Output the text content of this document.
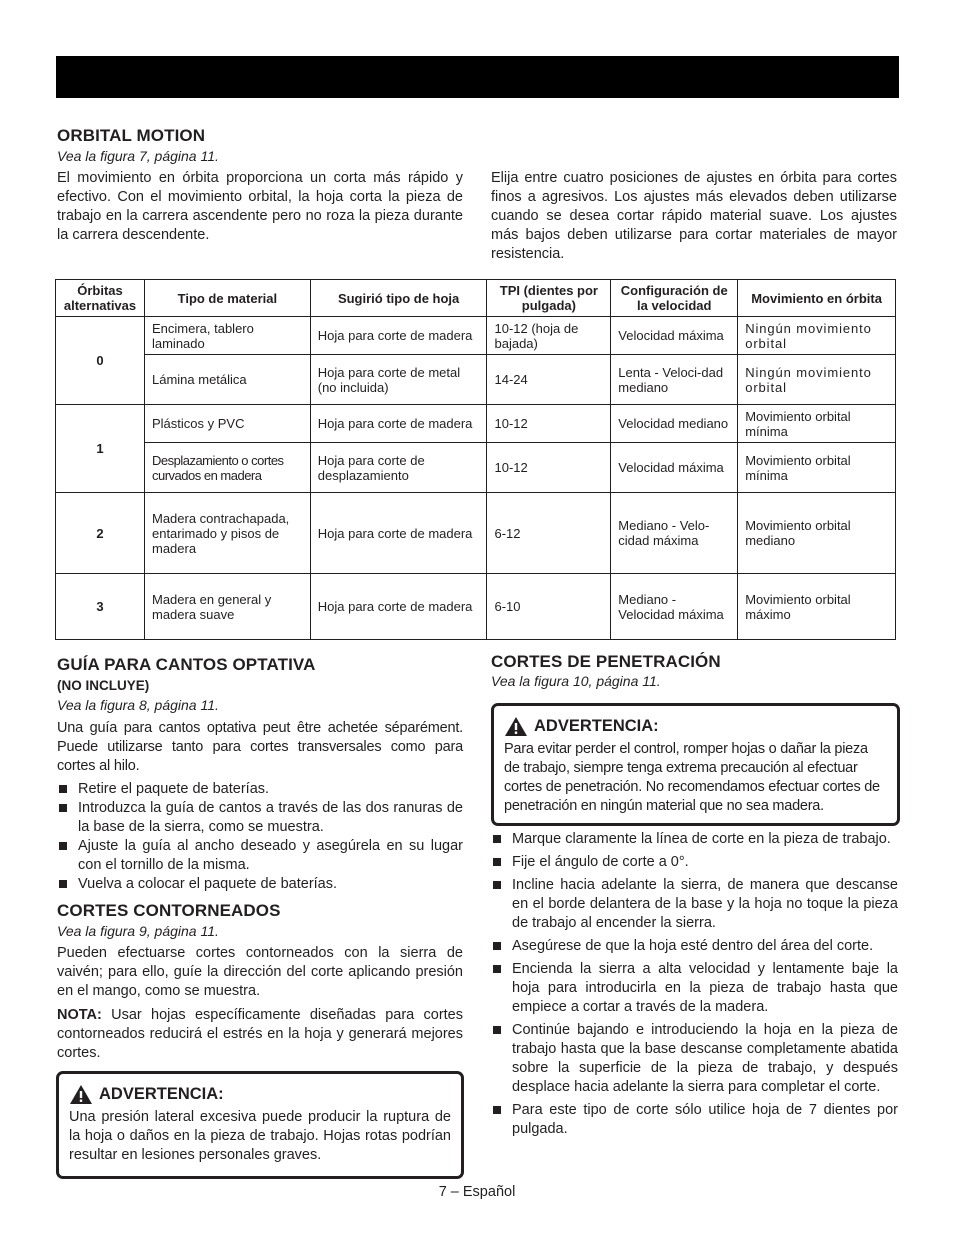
ORBITAL MOTION
Vea la figura 7, página 11.
El movimiento en órbita proporciona un corta más rápido y efectivo. Con el movimiento orbital, la hoja corta la pieza de trabajo en la carrera ascendente pero no roza la pieza durante la carrera descendente.
Elija entre cuatro posiciones de ajustes en órbita para cortes finos a agresivos. Los ajustes más elevados deben utilizarse cuando se desea cortar rápido material suave. Los ajustes más bajos deben utilizarse para cortar materiales de mayor resistencia.
Órbitas alternativas	Tipo de material	Sugirió tipo de hoja	TPI (dientes por pulgada)	Configuración de la velocidad	Movimiento en órbita
0	Encimera, tablero laminado	Hoja para corte de madera	10-12 (hoja de bajada)	Velocidad máxima	Ningún movimiento orbital
	Lámina metálica	Hoja para corte de metal (no incluida)	14-24	Lenta - Veloci-dad mediano	Ningún movimiento orbital
1	Plásticos y PVC	Hoja para corte de madera	10-12	Velocidad mediano	Movimiento orbital mínima
	Desplazamiento o cortes curvados en madera	Hoja para corte de desplazamiento	10-12	Velocidad máxima	Movimiento orbital mínima
2	Madera contrachapada, entarimado y pisos de madera	Hoja para corte de madera	6-12	Mediano - Velo-cidad máxima	Movimiento orbital mediano
3	Madera en general y madera suave	Hoja para corte de madera	6-10	Mediano - Velocidad máxima	Movimiento orbital máximo
GUÍA PARA CANTOS OPTATIVA
(NO INCLUYE)
Vea la figura 8, página 11.
Una guía para cantos optativa peut être achetée séparément. Puede utilizarse tanto para cortes transversales como para cortes al hilo.
Retire el paquete de baterías.
Introduzca la guía de cantos a través de las dos ranuras de la base de la sierra, como se muestra.
Ajuste la guía al ancho deseado y asegúrela en su lugar con el tornillo de la misma.
Vuelva a colocar el paquete de baterías.
CORTES CONTORNEADOS
Vea la figura 9, página 11.
Pueden efectuarse cortes contorneados con la sierra de vaivén; para ello, guíe la dirección del corte aplicando presión en el mango, como se muestra.
NOTA: Usar hojas específicamente diseñadas para cortes contorneados reducirá el estrés en la hoja y generará mejores cortes.
ADVERTENCIA:
Una presión lateral excesiva puede producir la ruptura de la hoja o daños en la pieza de trabajo. Hojas rotas podrían resultar en lesiones personales graves.
CORTES DE PENETRACIÓN
Vea la figura 10, página 11.
ADVERTENCIA:
Para evitar perder el control, romper hojas o dañar la pieza de trabajo, siempre tenga extrema precaución al efectuar cortes de penetración. No recomendamos efectuar cortes de penetración en ningún material que no sea madera.
Marque claramente la línea de corte en la pieza de trabajo.
Fije el ángulo de corte a 0°.
Incline hacia adelante la sierra, de manera que descanse en el borde delantera de la base y la hoja no toque la pieza de trabajo al encender la sierra.
Asegúrese de que la hoja esté dentro del área del corte.
Encienda la sierra a alta velocidad y lentamente baje la hoja para introducirla en la pieza de trabajo hasta que empiece a cortar a través de la madera.
Continúe bajando e introduciendo la hoja en la pieza de trabajo hasta que la base descanse completamente abatida sobre la superficie de la pieza de trabajo, y después desplace hacia adelante la sierra para completar el corte.
Para este tipo de corte sólo utilice hoja de 7 dientes por pulgada.
7 – Español
